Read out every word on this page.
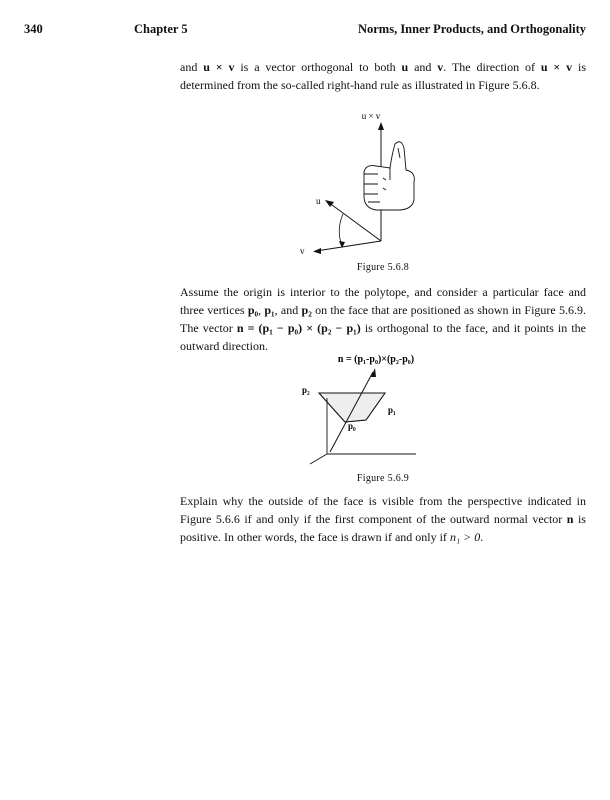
340	Chapter 5	Norms, Inner Products, and Orthogonality
and u × v is a vector orthogonal to both u and v. The direction of u × v is determined from the so-called right-hand rule as illustrated in Figure 5.6.8.
u × v
u
v
Figure 5.6.8
Assume the origin is interior to the polytope, and consider a particular face and three vertices p₀, p₁, and p₂ on the face that are positioned as shown in Figure 5.6.9. The vector n = (p₁ − p₀) × (p₂ − p₁) is orthogonal to the face, and it points in the outward direction.
n = (p₁-p₀)×(p₂-p₀)
p₂
p₁
p₀
Figure 5.6.9
Explain why the outside of the face is visible from the perspective indicated in Figure 5.6.6 if and only if the first component of the outward normal vector n is positive. In other words, the face is drawn if and only if n₁ > 0.
